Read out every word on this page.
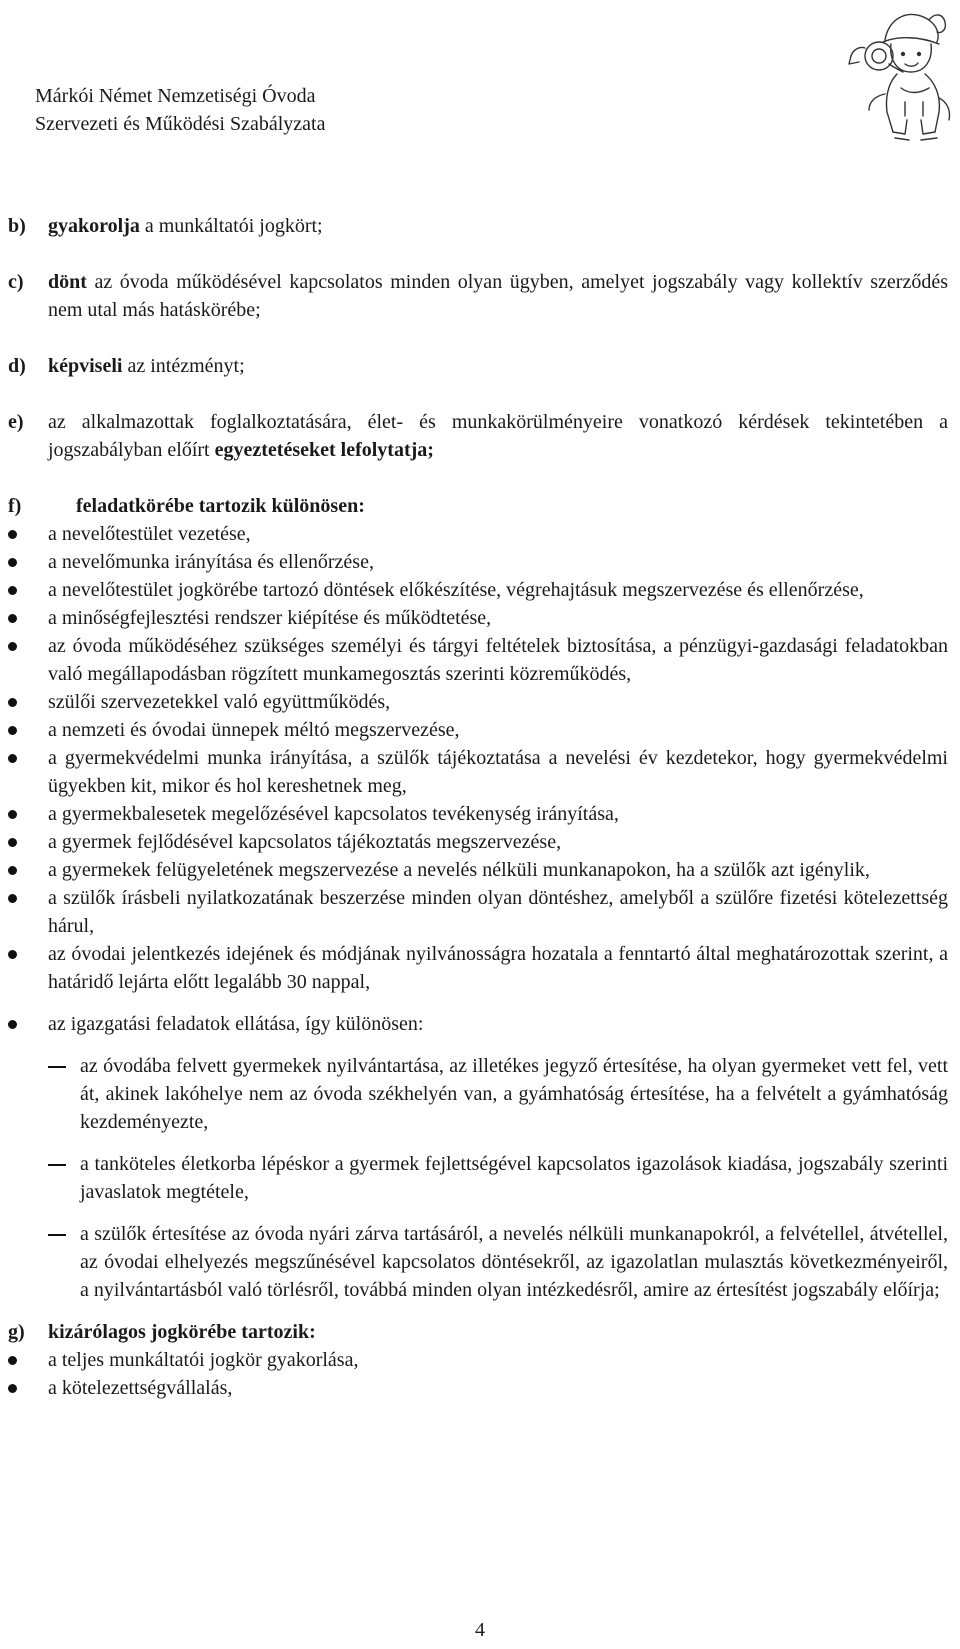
Márkói Német Nemzetiségi Óvoda
Szervezeti és Működési Szabályzata
b)	gyakorolja a munkáltatói jogkört;
c)	dönt az óvoda működésével kapcsolatos minden olyan ügyben, amelyet jogszabály vagy kollektív szerződés nem utal más hatáskörébe;
d)	képviseli az intézményt;
e)	az alkalmazottak foglalkoztatására, élet- és munkakörülményeire vonatkozó kérdések tekintetében a jogszabályban előírt egyeztetéseket lefolytatja;
f)	feladatkörébe tartozik különösen:
a nevelőtestület vezetése,
a nevelőmunka irányítása és ellenőrzése,
a nevelőtestület jogkörébe tartozó döntések előkészítése, végrehajtásuk megszervezése és ellenőrzése,
a minőségfejlesztési rendszer kiépítése és működtetése,
az óvoda működéséhez szükséges személyi és tárgyi feltételek biztosítása, a pénzügyi-gazdasági feladatokban való megállapodásban rögzített munkamegosztás szerinti közreműködés,
szülői szervezetekkel való együttműködés,
a nemzeti és óvodai ünnepek méltó megszervezése,
a gyermekvédelmi munka irányítása, a szülők tájékoztatása a nevelési év kezdetekor, hogy gyermekvédelmi ügyekben kit, mikor és hol kereshetnek meg,
a gyermekbalesetek megelőzésével kapcsolatos tevékenység irányítása,
a gyermek fejlődésével kapcsolatos tájékoztatás megszervezése,
a gyermekek felügyeletének megszervezése a nevelés nélküli munkanapokon, ha a szülők azt igénylik,
a szülők írásbeli nyilatkozatának beszerzése minden olyan döntéshez, amelyből a szülőre fizetési kötelezettség hárul,
az óvodai jelentkezés idejének és módjának nyilvánosságra hozatala a fenntartó által meghatározottak szerint, a határidő lejárta előtt legalább 30 nappal,
az igazgatási feladatok ellátása, így különösen:
az óvodába felvett gyermekek nyilvántartása, az illetékes jegyző értesítése, ha olyan gyermeket vett fel, vett át, akinek lakóhelye nem az óvoda székhelyén van, a gyámhatóság értesítése, ha a felvételt a gyámhatóság kezdeményezte,
a tanköteles életkorba lépéskor a gyermek fejlettségével kapcsolatos igazolások kiadása, jogszabály szerinti javaslatok megtétele,
a szülők értesítése az óvoda nyári zárva tartásáról, a nevelés nélküli munkanapokról, a felvétellel, átvétellel, az óvodai elhelyezés megszűnésével kapcsolatos döntésekről, az igazolatlan mulasztás következményeiről, a nyilvántartásból való törlésről, továbbá minden olyan intézkedésről, amire az értesítést jogszabály előírja;
g)	kizárólagos jogkörébe tartozik:
a teljes munkáltatói jogkör gyakorlása,
a kötelezettségvállalás,
4
